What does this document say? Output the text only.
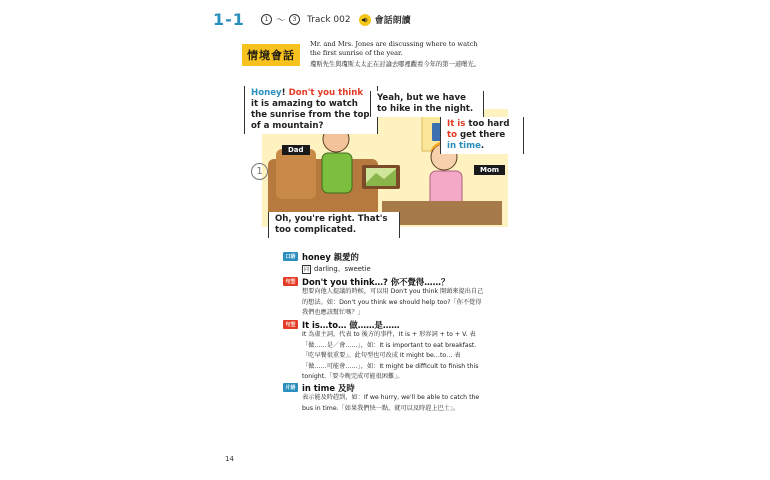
1-1	1 ～	3	Track 002	會話朗讀
情境會話
Mr. and Mrs. Jones are discussing where to watch the first sunrise of the year.
瓊斯先生與瓊斯太太正在討論去哪裡觀看今年的第一道曙光。
Honey! Don't you think it is amazing to watch the sunrise from the top of a mountain?
Yeah, but we have to hike in the night.
It is too hard to get there in time.
Oh, you're right. That's too complicated.
Dad
Mom
1
口語 honey 親愛的
同 darling、sweetie
句型 Don't you think…? 你不覺得……？
想要向他人提議的時候，可以用 Don't you think 開頭來提出自己的想法。如：Don't you think we should help too?「你不覺得我們也應該幫忙嗎？」
句型 It is…to… 做……是……
It 為虛主詞，代表 to 後方的事件，It is + 形容詞 + to + V. 表「做……是／會……」，如：It is important to eat breakfast.「吃早餐很重要」。此句型也可改成 It might be…to… 表「做……可能會……」，如：It might be difficult to finish this tonight.「要今晚完成可能很困難」。
片語 in time 及時
表示能及時趕到，如：If we hurry, we'll be able to catch the bus in time.「如果我們快一點，就可以及時趕上巴士」。
14
